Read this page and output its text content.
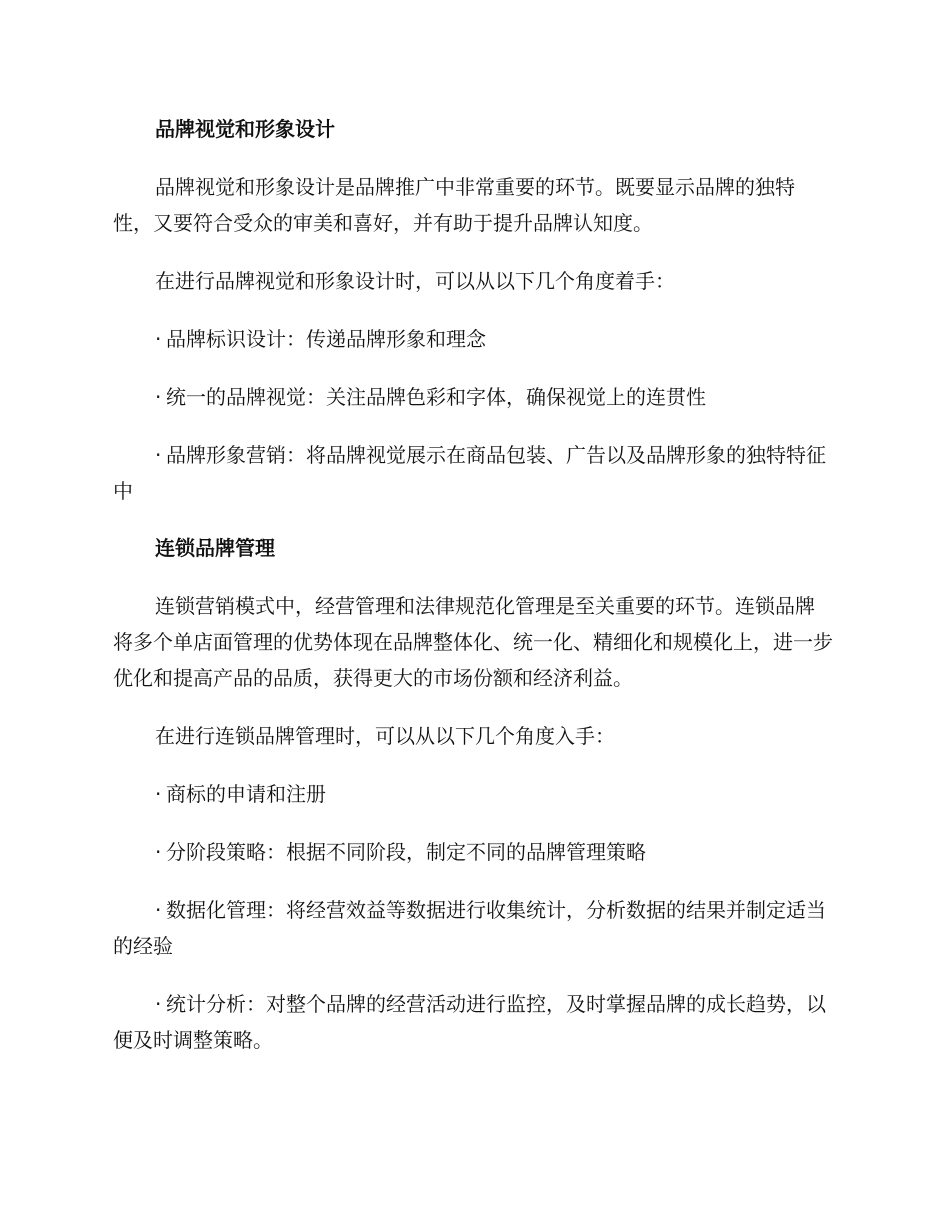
品牌视觉和形象设计

品牌视觉和形象设计是品牌推广中非常重要的环节。既要显示品牌的独特性，又要符合受众的审美和喜好，并有助于提升品牌认知度。

在进行品牌视觉和形象设计时，可以从以下几个角度着手：

· 品牌标识设计：传递品牌形象和理念

· 统一的品牌视觉：关注品牌色彩和字体，确保视觉上的连贯性

· 品牌形象营销：将品牌视觉展示在商品包装、广告以及品牌形象的独特特征中

连锁品牌管理

连锁营销模式中，经营管理和法律规范化管理是至关重要的环节。连锁品牌将多个单店面管理的优势体现在品牌整体化、统一化、精细化和规模化上，进一步优化和提高产品的品质，获得更大的市场份额和经济利益。

在进行连锁品牌管理时，可以从以下几个角度入手：

· 商标的申请和注册

· 分阶段策略：根据不同阶段，制定不同的品牌管理策略

· 数据化管理：将经营效益等数据进行收集统计，分析数据的结果并制定适当的经验

· 统计分析：对整个品牌的经营活动进行监控，及时掌握品牌的成长趋势，以便及时调整策略。
